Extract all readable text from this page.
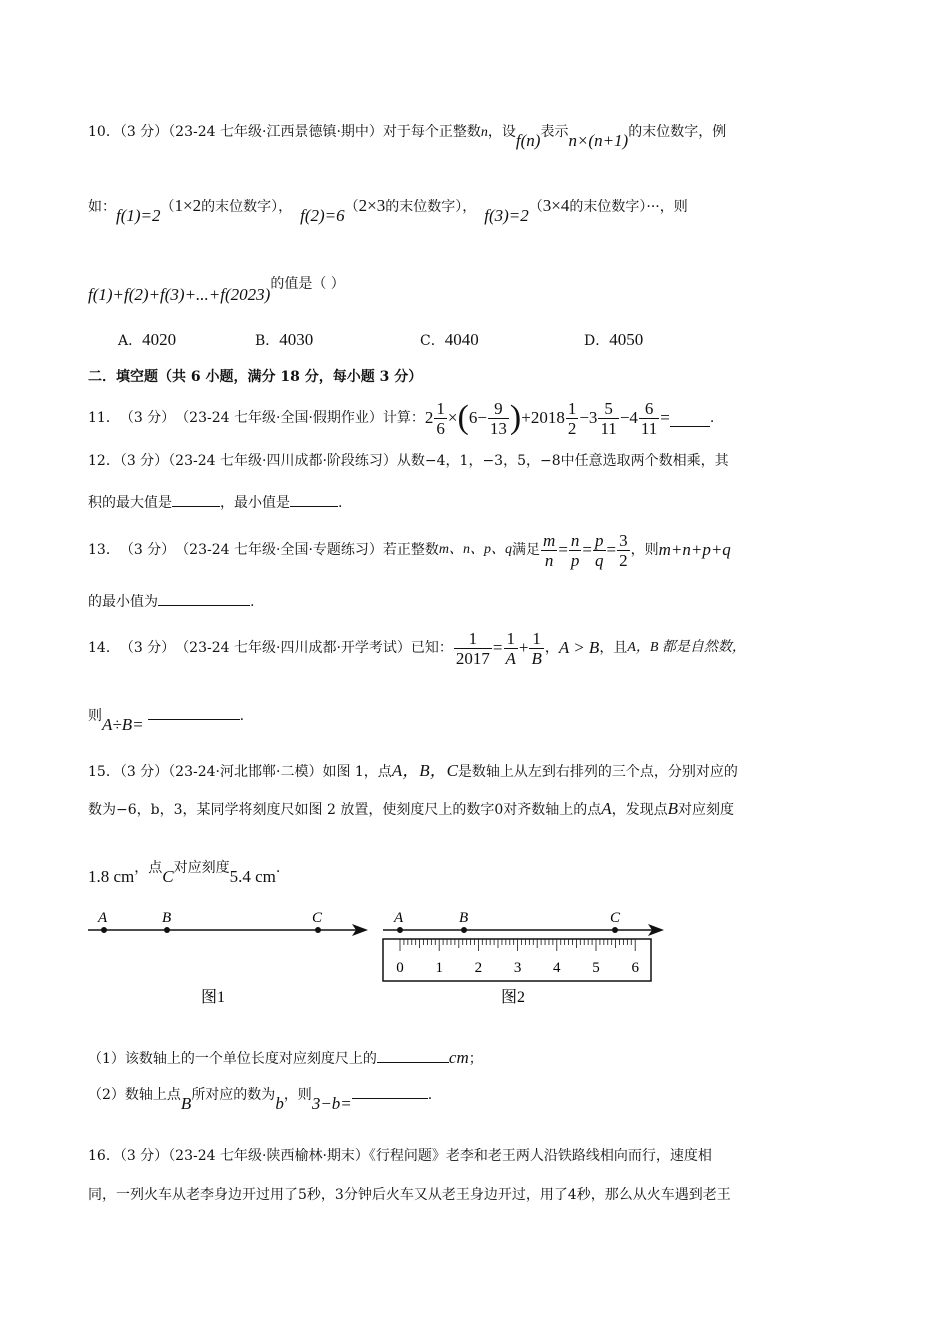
10．（3 分）（23-24 七年级·江西景德镇·期中）对于每个正整数n，设f(n)表示n×(n+1)的末位数字，例
如：f(1)=2（1×2的末位数字）， f(2)=6（2×3的末位数字）， f(3)=2（3×4的末位数字）···，则
f(1)+f(2)+f(3)+...+f(2023)的值是（ ）
A．4020	B．4030	C．4040	D．4050
二．填空题（共 6 小题，满分 18 分，每小题 3 分）
11． （3 分） （23-24 七年级·全国·假期作业） 计算： $2 \frac{1}{6}$ × ( $6- \frac{9}{13}$ ) $+2018 \frac{1}{2} -3 \frac{5}{11} -4 \frac{6}{11}$ =	.
12．（3 分）（23-24 七年级·四川成都·阶段练习）从数−4，1，−3，5，−8中任意选取两个数相乘，其
积的最大值是	，最小值是	.
13． （3 分） （23-24 七年级·全国·专题练习） 若正整数 m、n、p、q 满足 $\frac{m}{n} = \frac{n}{p} = \frac{p}{q} = \frac{3}{2}$ ，则 m+n+p+q
的最小值为	.
14． （3 分） （23-24 七年级·四川成都·开学考试） 已知： $\frac{1}{2017} = \frac{1}{A} + \frac{1}{B}$ ， A > B ，且 A，B 都是自然数，
则A÷B=	.
15．（3 分）（23-24·河北邯郸·二模）如图 1，点A，B，C是数轴上从左到右排列的三个点，分别对应的
数为−6，b，3，某同学将刻度尺如图 2 放置，使刻度尺上的数字0对齐数轴上的点A，发现点B对应刻度
1.8 cm，点C对应刻度5.4 cm.
A	B	C
图1
A	B	C
0 1 2 3 4 5 6
图2
（1）该数轴上的一个单位长度对应刻度尺上的	cm；
（2）数轴上点B所对应的数为b，则3−b=	.
16．（3 分）（23-24 七年级·陕西榆林·期末）《行程问题》老李和老王两人沿铁路线相向而行，速度相
同，一列火车从老李身边开过用了5秒，3分钟后火车又从老王身边开过，用了4秒，那么从火车遇到老王
